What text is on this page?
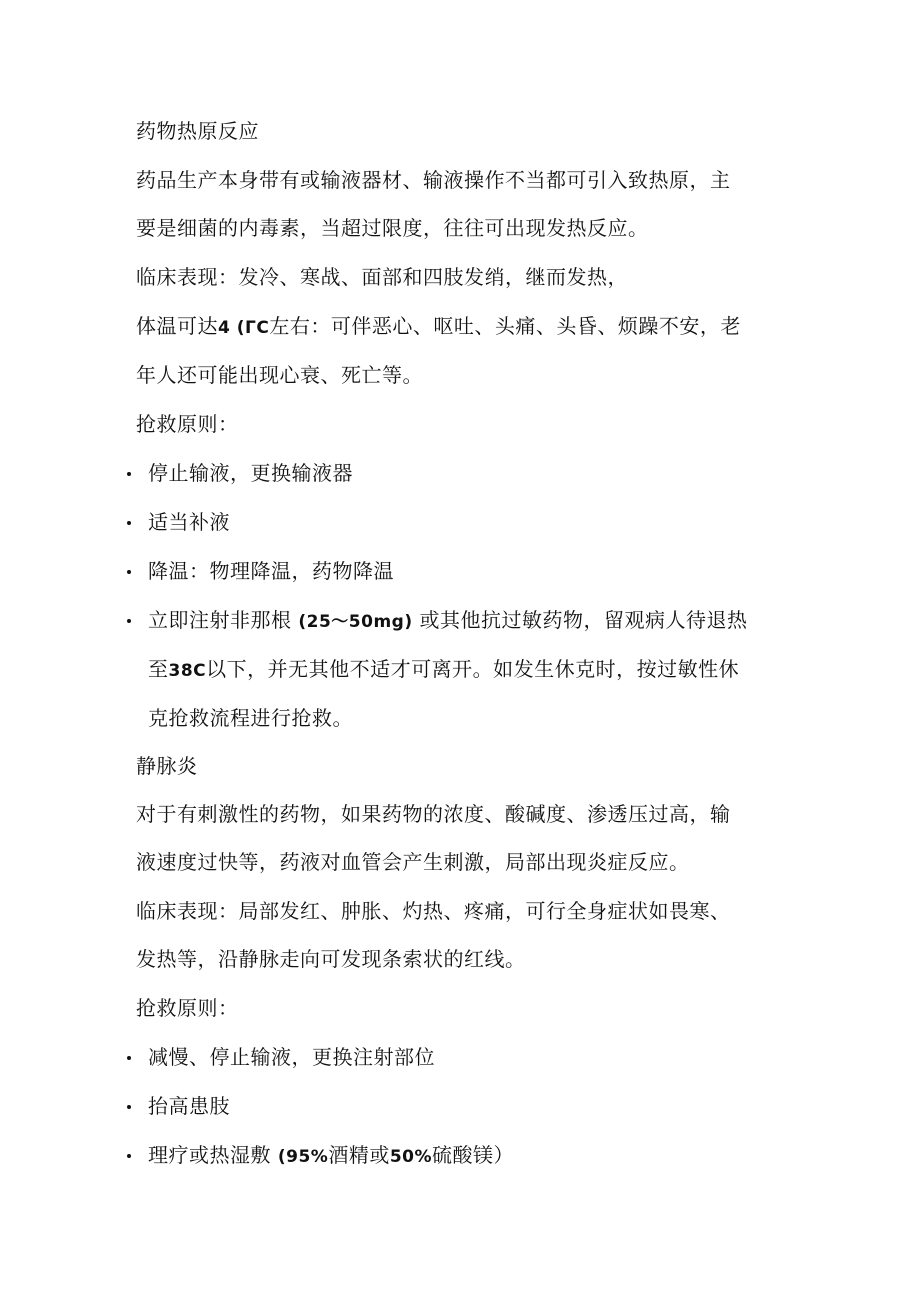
药物热原反应
药品生产本身带有或输液器材、输液操作不当都可引入致热原，主
要是细菌的内毒素，当超过限度，往往可出现发热反应。
临床表现：发冷、寒战、面部和四肢发绡，继而发热，
体温可达4 (ΓC左右：可伴恶心、呕吐、头痛、头昏、烦躁不安，老
年人还可能出现心衰、死亡等。
抢救原则：
停止输液，更换输液器
适当补液
降温：物理降温，药物降温
立即注射非那根 (25〜50mg) 或其他抗过敏药物，留观病人待退热
至38C以下，并无其他不适才可离开。如发生休克时，按过敏性休
克抢救流程进行抢救。
静脉炎
对于有刺激性的药物，如果药物的浓度、酸碱度、渗透压过高，输
液速度过快等，药液对血管会产生刺激，局部出现炎症反应。
临床表现：局部发红、肿胀、灼热、疼痛，可行全身症状如畏寒、
发热等，沿静脉走向可发现条索状的红线。
抢救原则：
减慢、停止输液，更换注射部位
抬高患肢
理疗或热湿敷 (95%酒精或50%硫酸镁）
